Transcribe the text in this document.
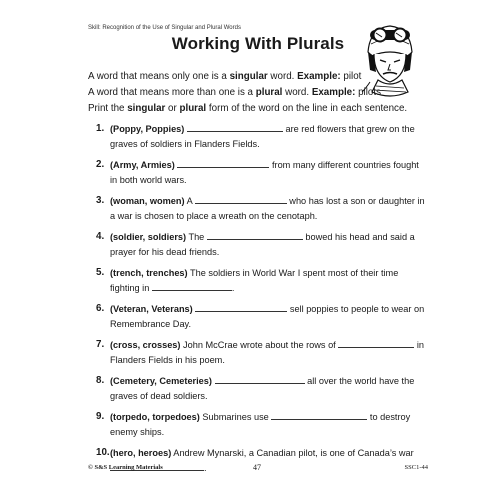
Skill: Recognition of the Use of Singular and Plural Words
Working With Plurals
A word that means only one is a singular word. Example: pilot
A word that means more than one is a plural word. Example: pilots
Print the singular or plural form of the word on the line in each sentence.
1. (Poppy, Poppies)	are red flowers that grew on the graves of soldiers in Flanders Fields.
2. (Army, Armies)	from many different countries fought in both world wars.
3. (woman, women) A	who has lost a son or daughter in a war is chosen to place a wreath on the cenotaph.
4. (soldier, soldiers) The	bowed his head and said a prayer for his dead friends.
5. (trench, trenches) The soldiers in World War I spent most of their time fighting in	.
6. (Veteran, Veterans)	sell poppies to people to wear on Remembrance Day.
7. (cross, crosses) John McCrae wrote about the rows of	in Flanders Fields in his poem.
8. (Cemetery, Cemeteries)	all over the world have the graves of dead soldiers.
9. (torpedo, torpedoes) Submarines use	to destroy enemy ships.
10. (hero, heroes) Andrew Mynarski, a Canadian pilot, is one of Canada’s war .
© S&S Learning Materials	47	SSC1-44
